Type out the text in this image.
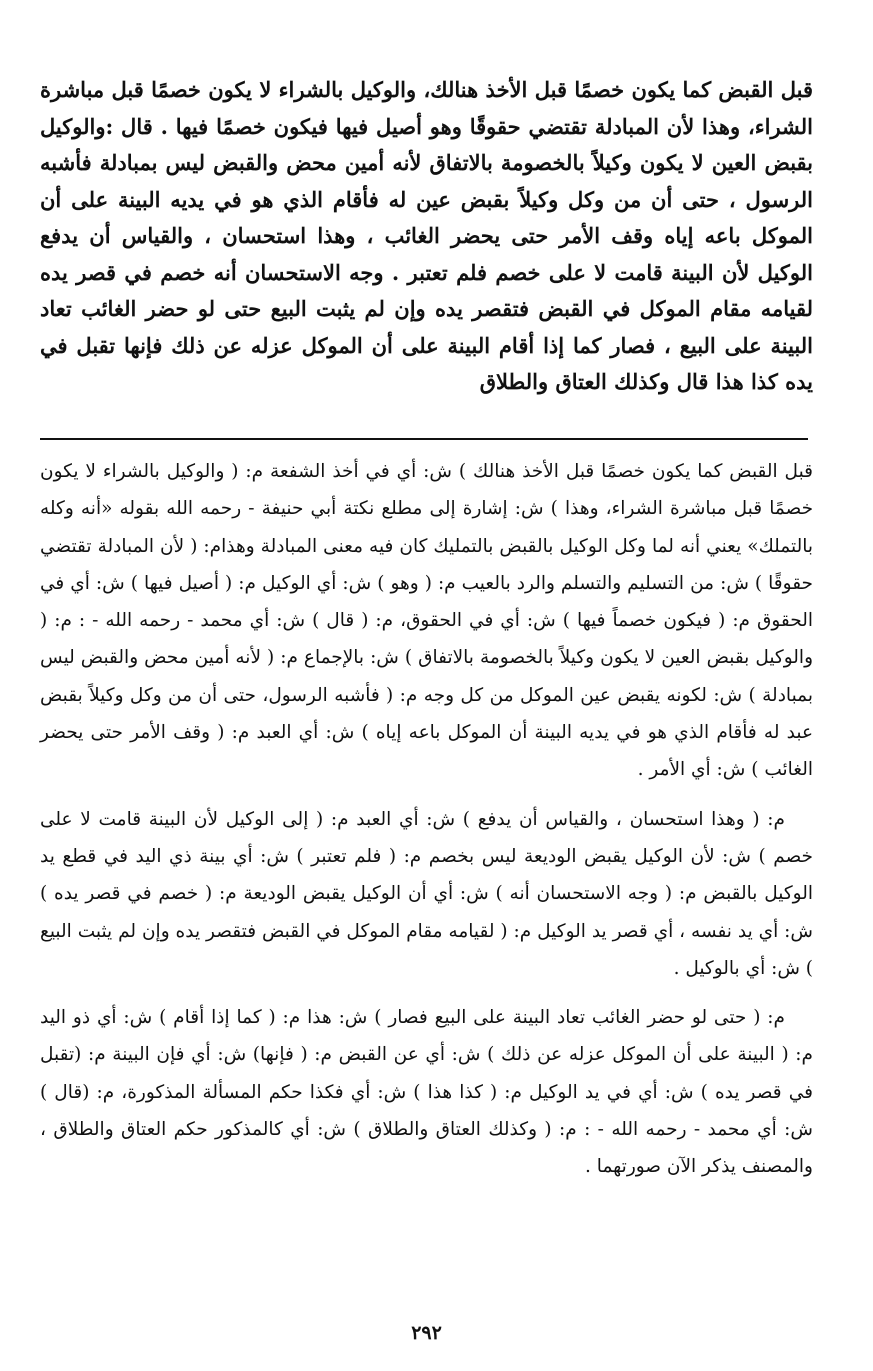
قبل القبض كما يكون خصمًا قبل الأخذ هنالك، والوكيل بالشراء لا يكون خصمًا قبل مباشرة الشراء، وهذا لأن المبادلة تقتضي حقوقًا وهو أصيل فيها فيكون خصمًا فيها . قال :والوكيل بقبض العين لا يكون وكيلاً بالخصومة بالاتفاق لأنه أمين محض والقبض ليس بمبادلة فأشبه الرسول ، حتى أن من وكل وكيلاً بقبض عين له فأقام الذي هو في يديه البينة على أن الموكل باعه إياه وقف الأمر حتى يحضر الغائب ، وهذا استحسان ، والقياس أن يدفع الوكيل لأن البينة قامت لا على خصم فلم تعتبر . وجه الاستحسان أنه خصم في قصر يده لقيامه مقام الموكل في القبض فتقصر يده وإن لم يثبت البيع حتى لو حضر الغائب تعاد البينة على البيع ، فصار كما إذا أقام البينة على أن الموكل عزله عن ذلك فإنها تقبل في يده كذا هذا قال وكذلك العتاق والطلاق

قبل القبض كما يكون خصمًا قبل الأخذ هنالك ) ش: أي في أخذ الشفعة م: ( والوكيل بالشراء لا يكون خصمًا قبل مباشرة الشراء، وهذا ) ش: إشارة إلى مطلع نكتة أبي حنيفة - رحمه الله بقوله «أنه وكله بالتملك» يعني أنه لما وكل الوكيل بالقبض بالتمليك كان فيه معنى المبادلة وهذام: ( لأن المبادلة تقتضي حقوقًا ) ش: من التسليم والتسلم والرد بالعيب م: ( وهو ) ش: أي الوكيل م: ( أصيل فيها ) ش: أي في الحقوق م: ( فيكون خصماً فيها ) ش: أي في الحقوق، م: ( قال ) ش: أي محمد - رحمه الله - : م: ( والوكيل بقبض العين لا يكون وكيلاً بالخصومة بالاتفاق ) ش: بالإجماع م: ( لأنه أمين محض والقبض ليس بمبادلة ) ش: لكونه يقبض عين الموكل من كل وجه م: ( فأشبه الرسول، حتى أن من وكل وكيلاً بقبض عبد له فأقام الذي هو في يديه البينة أن الموكل باعه إياه ) ش: أي العبد م: ( وقف الأمر حتى يحضر الغائب ) ش: أي الأمر .

م: ( وهذا استحسان ، والقياس أن يدفع ) ش: أي العبد م: ( إلى الوكيل لأن البينة قامت لا على خصم ) ش: لأن الوكيل يقبض الوديعة ليس بخصم م: ( فلم تعتبر ) ش: أي بينة ذي اليد في قطع يد الوكيل بالقبض م: ( وجه الاستحسان أنه ) ش: أي أن الوكيل يقبض الوديعة م: ( خصم في قصر يده ) ش: أي يد نفسه ، أي قصر يد الوكيل م: ( لقيامه مقام الموكل في القبض فتقصر يده وإن لم يثبت البيع ) ش: أي بالوكيل .

م: ( حتى لو حضر الغائب تعاد البينة على البيع فصار ) ش: هذا م: ( كما إذا أقام ) ش: أي ذو اليد م: ( البينة على أن الموكل عزله عن ذلك ) ش: أي عن القبض م: ( فإنها) ش: أي فإن البينة م: (تقبل في قصر يده ) ش: أي في يد الوكيل م: ( كذا هذا ) ش: أي فكذا حكم المسألة المذكورة، م: (قال ) ش: أي محمد - رحمه الله - : م: ( وكذلك العتاق والطلاق ) ش: أي كالمذكور حكم العتاق والطلاق ، والمصنف يذكر الآن صورتهما .

٢٩٢
